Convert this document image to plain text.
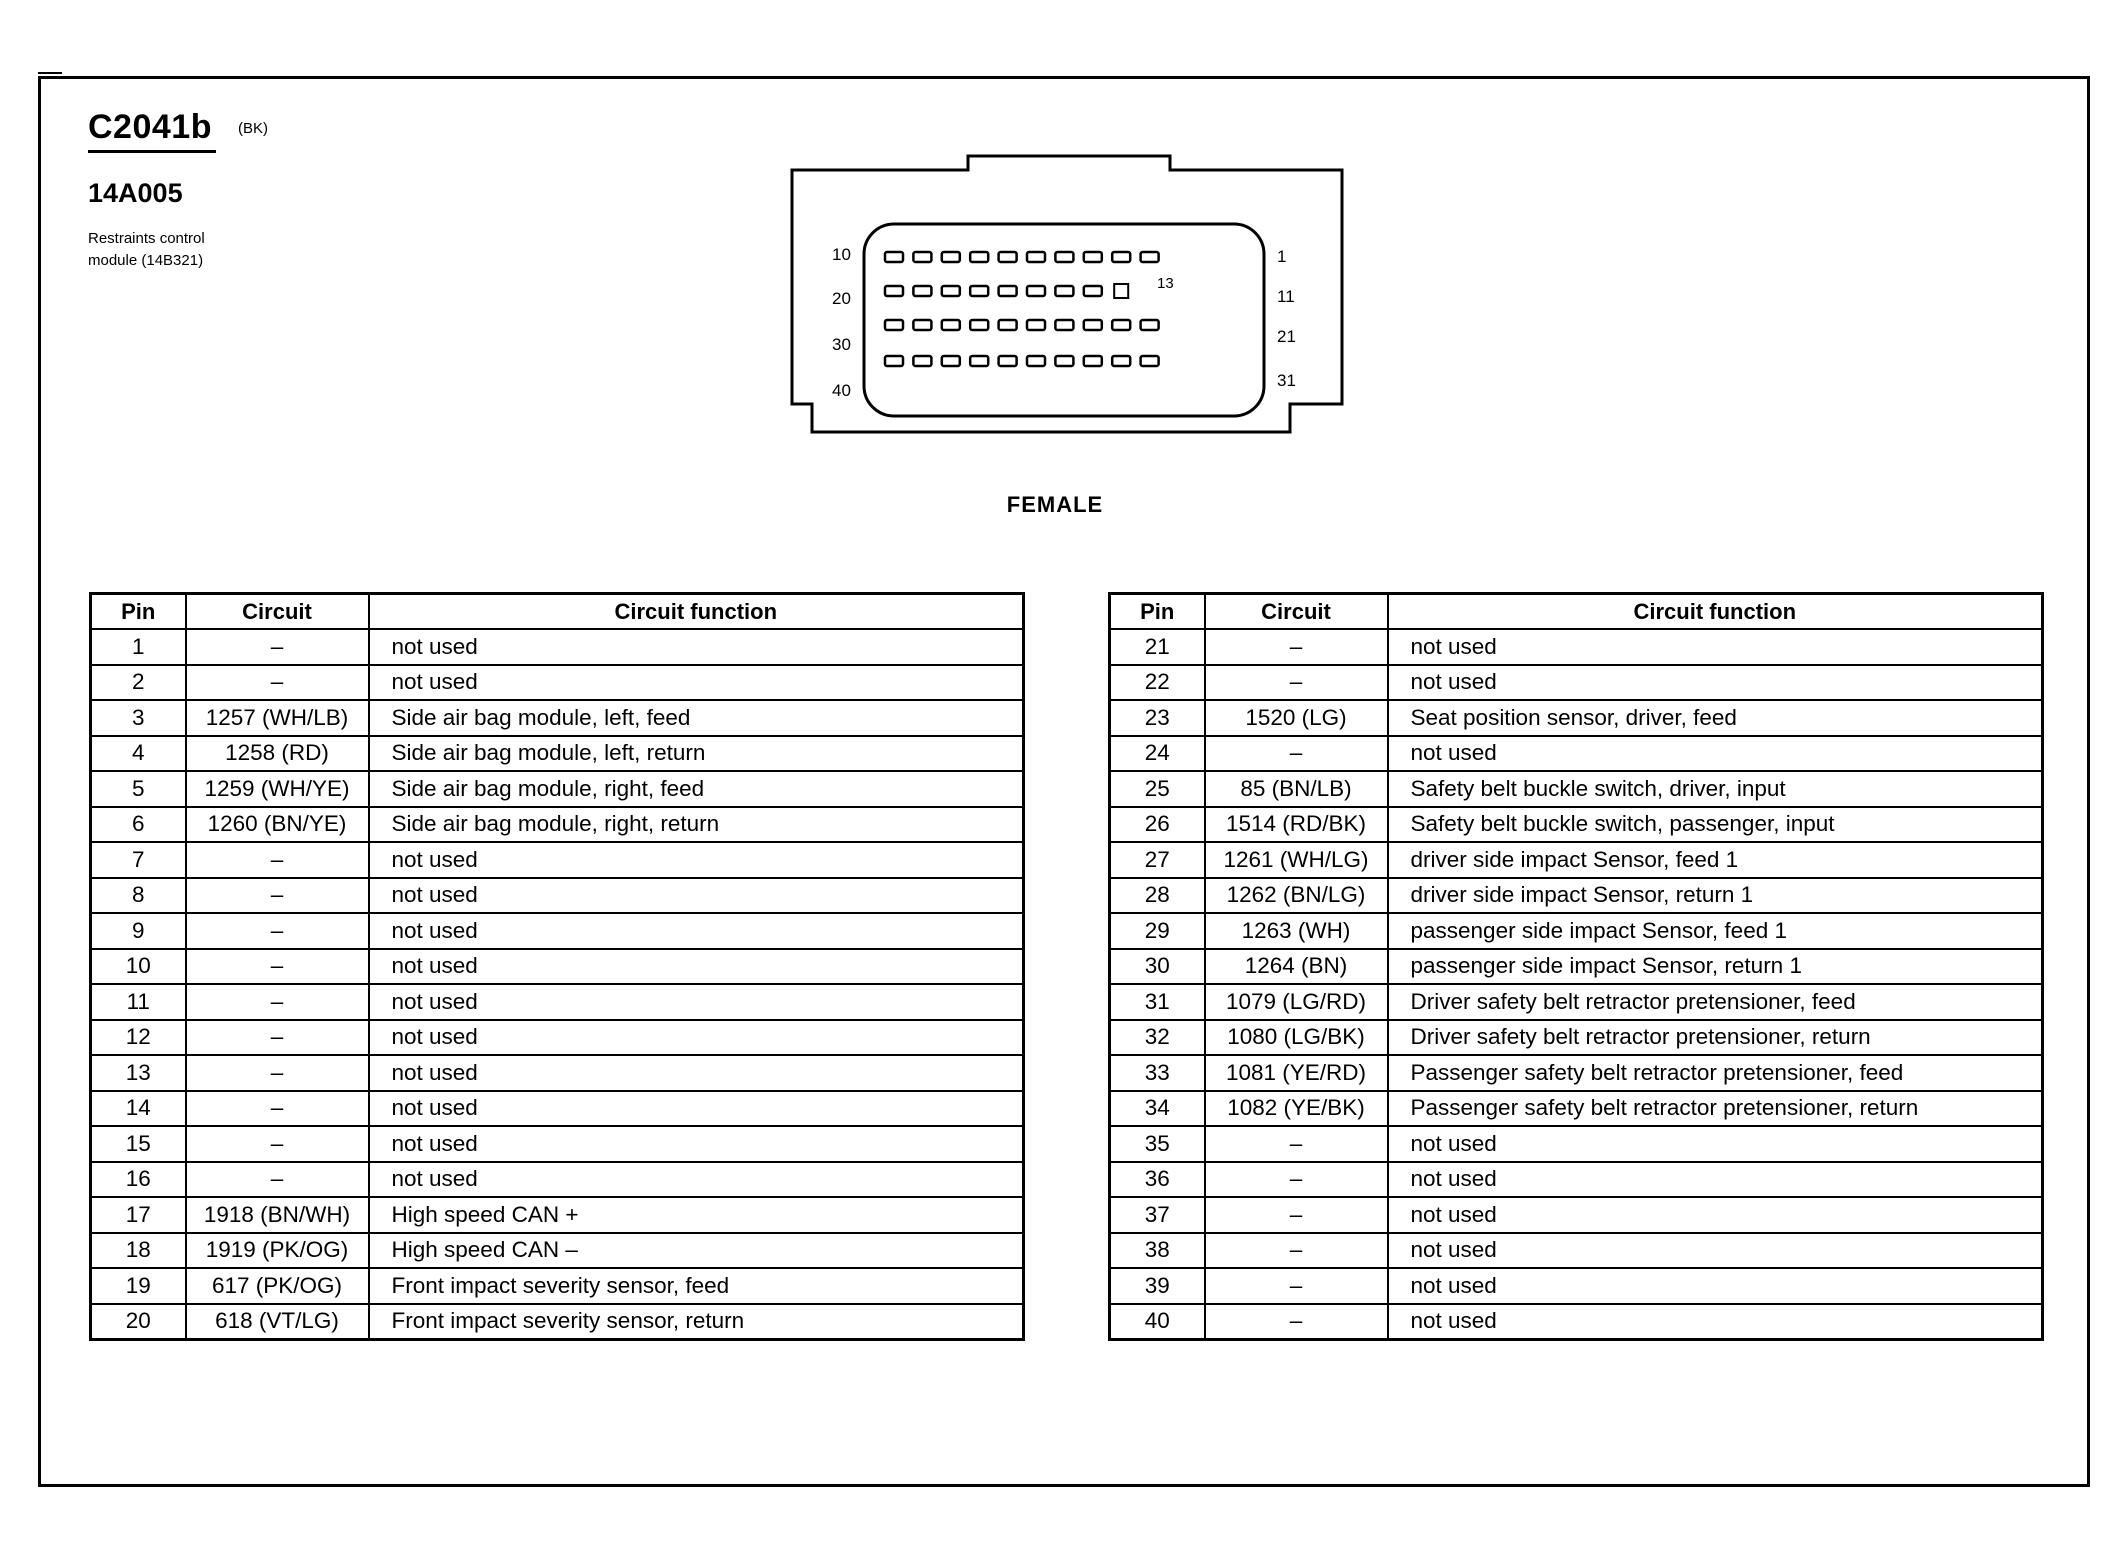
C2041b (BK)
14A005
Restraints control
module (14B321)	10	1
20	11
13
30	21
40
31
FEMALE
Pin	Circuit	Circuit function
1	–	not used
2	–	not used
3	1257 (WH/LB)	Side air bag module, left, feed
4	1258 (RD)	Side air bag module, left, return
5	1259 (WH/YE)	Side air bag module, right, feed
6	1260 (BN/YE)	Side air bag module, right, return
7	–	not used
8	–	not used
9	–	not used
10	–	not used
11	–	not used
12	–	not used
13	–	not used
14	–	not used
15	–	not used
16	–	not used
17	1918 (BN/WH)	High speed CAN +
18	1919 (PK/OG)	High speed CAN –
19	617 (PK/OG)	Front impact severity sensor, feed
20	618 (VT/LG)	Front impact severity sensor, return
Pin	Circuit	Circuit function
21	–	not used
22	–	not used
23	1520 (LG)	Seat position sensor, driver, feed
24	–	not used
25	85 (BN/LB)	Safety belt buckle switch, driver, input
26	1514 (RD/BK)	Safety belt buckle switch, passenger, input
27	1261 (WH/LG)	driver side impact Sensor, feed 1
28	1262 (BN/LG)	driver side impact Sensor, return 1
29	1263 (WH)	passenger side impact Sensor, feed 1
30	1264 (BN)	passenger side impact Sensor, return 1
31	1079 (LG/RD)	Driver safety belt retractor pretensioner, feed
32	1080 (LG/BK)	Driver safety belt retractor pretensioner, return
33	1081 (YE/RD)	Passenger safety belt retractor pretensioner, feed
34	1082 (YE/BK)	Passenger safety belt retractor pretensioner, return
35	–	not used
36	–	not used
37	–	not used
38	–	not used
39	–	not used
40	–	not used
